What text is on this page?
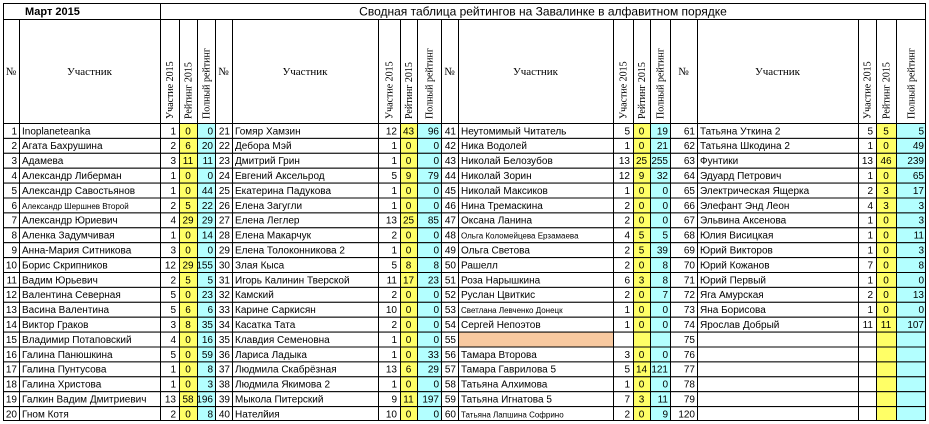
Март 2015	Сводная таблица рейтингов на Завалинке в алфавитном порядке
№	Участник	Участие 2015 Рейтинг 2015 Полный рейтинг
1 Inoplaneteanka	1 0 0
2 Агата Бахрушина	2 6 20
3 Адамева	3 11 11
4 Александр Либерман	1 0 0
5 Александр Савостьянов	1 0 44
6 Александр Шершнев Второй	2 5 22
7 Александр Юриевич	4 29 29
8 Аленка Задумчивая	1 0 14
9 Анна-Мария Ситникова	3 0 0
10 Борис Скрипников	12 29 155
11 Вадим Юрьевич	2 5 5
12 Валентина Северная	5 0 23
13 Васина Валентина	5 6 6
14 Виктор Граков	3 8 35
15 Владимир Потаповский	4 0 16
16 Галина Панюшкина	5 0 59
17 Галина Пунтусова	1 0 8
18 Галина Христова	1 0 3
19 Галкин Вадим Дмитриевич 13 58 196
20 Гном Котя	2 0 8
№	Участник	Участие 2015 Рейтинг 2015 Полный рейтинг
21 Гомяр Хамзин	12 43 96
22 Дебора Мэй	1 0 0
23 Дмитрий Грин	1 0 0
24 Евгений Аксельрод	5 9 79
25 Екатерина Падукова	1 0 0
26 Елена Загугли	1 0 0
27 Елена Леглер	13 25 85
28 Елена Макарчук	2 0 0
29 Елена Толоконникова 2	1 0 0
30 Злая Кыса	5 8 8
31 Игорь Калинин Тверской	11 17 23
32 Камский	2 0 0
33 Карине Саркисян	10 0 0
34 Касатка Тата	2 0 0
35 Клавдия Семеновна	1 0 0
36 Лариса Ладыка	1 0 33
37 Людмила Скабрёзная	13 6 29
38 Людмила Якимова 2	1 0 0
39 Мыкола Питерский	9 11 197
40 Нателйия	10 0 0
№	Участник	Участие 2015 Рейтинг 2015 Полный рейтинг
41 Неутомимый Читатель	5 0 19
42 Ника Водолей	1 0 21
43 Николай Белозубов	13 25 255
44 Николай Зорин	12 9 32
45 Николай Максиков	1 0 0
46 Нина Тремаскина	2 0 0
47 Оксана Ланина	2 0 0
48 Ольга Коломейцева Ерзамаева	4 5 5
49 Ольга Светова	2 5 39
50 Рашелл	2 0 8
51 Роза Нарышкина	6 3 8
52 Руслан Цвиткис	2 0 7
53 Светлана Левченко Донецк	1 0 0
54 Сергей Непоэтов	1 0 0
55
56 Тамара Второва	3 0 0
57 Тамара Гаврилова 5	5 14 121
58 Татьяна Алхимова	1 0 0
59 Татьяна Игнатова 5	7 3 11
60 Татьяна Лапшина Софрино	2 0 9
№	Участник	Участие 2015 Рейтинг 2015 Полный рейтинг
61 Татьяна Уткина 2	5 5	5
62 Татьяна Шкодина 2	1 0 49
63 Фунтики	13 46 239
64 Эдуард Петрович	1 0 65
65 Электрическая Ящерка	2 3 17
66 Элефант Энд Леон	4 3	3
67 Эльвина Аксенова	1 0	3
68 Юлия Висицкая	1 0 11
69 Юрий Викторов	1 0	3
70 Юрий Кожанов	7 0	8
71 Юрий Первый	1 0	0
72 Яга Амурская	2 0 13
73 Яна Борисова	1 0	0
74 Ярослав Добрый	11 11 107
75
76
77
78
79
120
